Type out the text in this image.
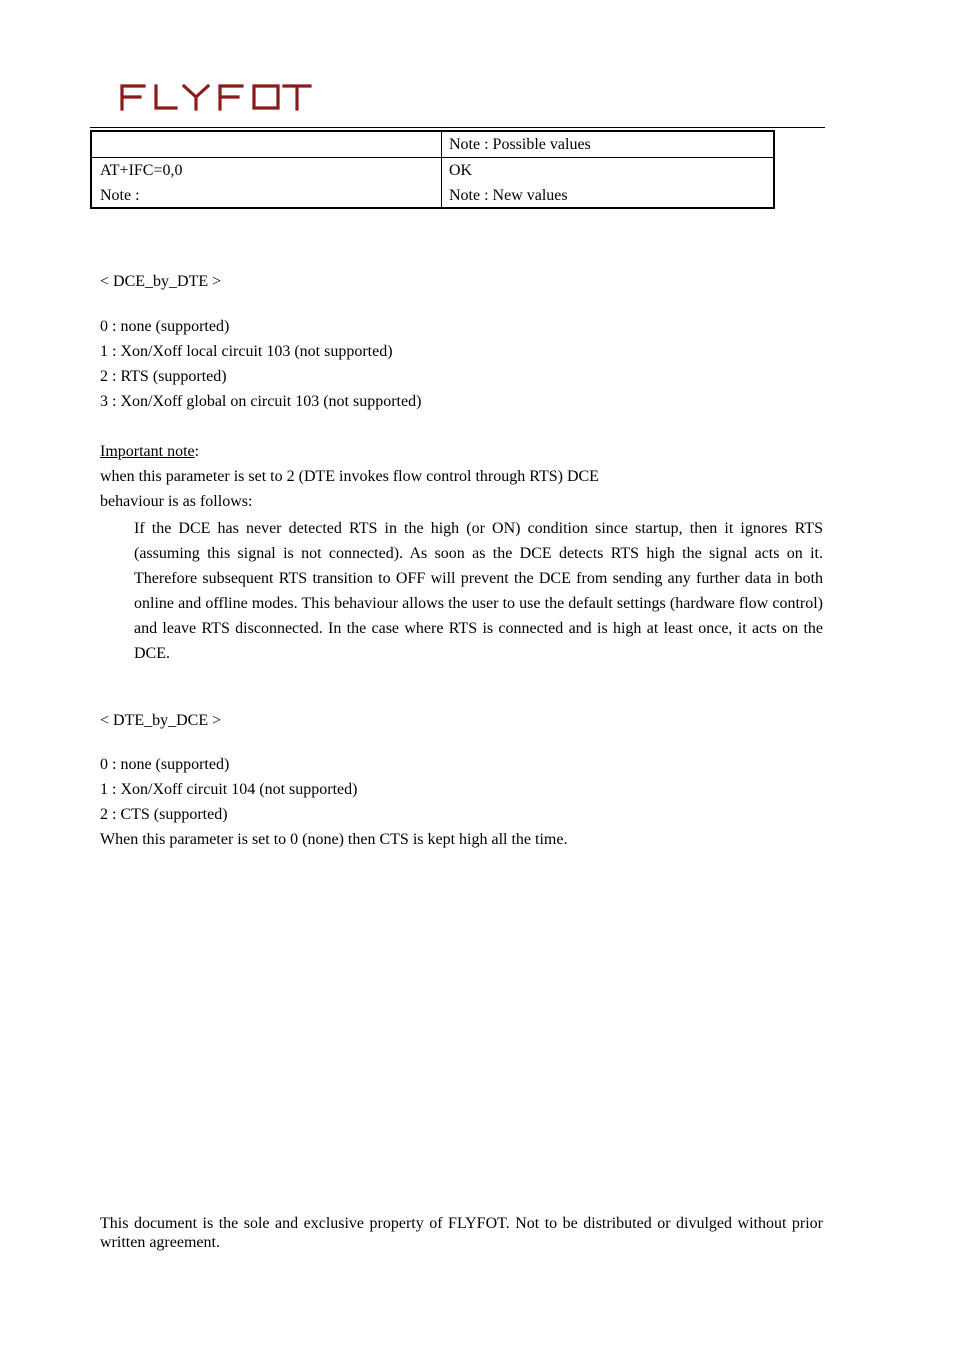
Note : Possible values
AT+IFC=0,0	OK
Note :	Note : New values
< DCE_by_DTE >
0 : none (supported)
1 : Xon/Xoff local circuit 103 (not supported)
2 : RTS (supported)
3 : Xon/Xoff global on circuit 103 (not supported)
Important note:
when this parameter is set to 2 (DTE invokes flow control through RTS) DCE
behaviour is as follows:
If the DCE has never detected RTS in the high (or ON) condition since startup, then it ignores RTS (assuming this signal is not connected). As soon as the DCE detects RTS high the signal acts on it. Therefore subsequent RTS transition to OFF will prevent the DCE from sending any further data in both online and offline modes. This behaviour allows the user to use the default settings (hardware flow control) and leave RTS disconnected. In the case where RTS is connected and is high at least once, it acts on the DCE.
< DTE_by_DCE >
0 : none (supported)
1 : Xon/Xoff circuit 104 (not supported)
2 : CTS (supported)
When this parameter is set to 0 (none) then CTS is kept high all the time.
This document is the sole and exclusive property of FLYFOT. Not to be distributed or divulged without prior written agreement.
